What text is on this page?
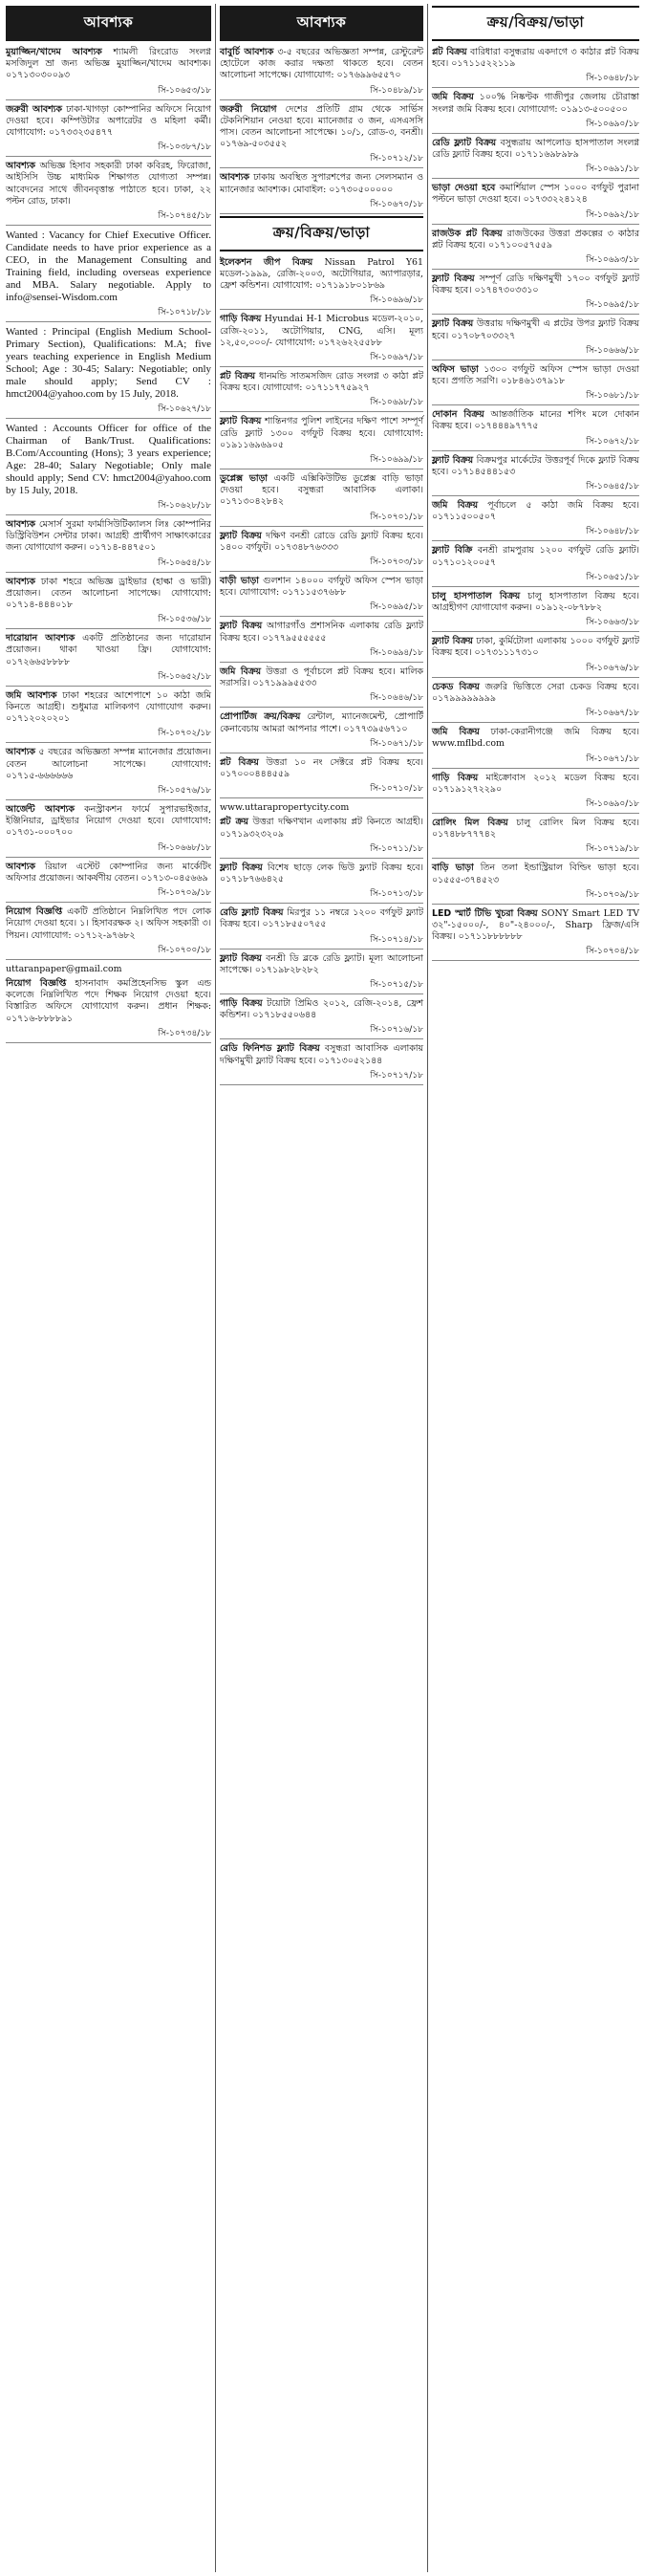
আবশ্যক
মুয়াজ্জিন/খাদেম আবশ্যক শ্যামলী রিংরোড সংলগ্ন মসজিদুল ভ্রা জন্য অভিজ্ঞ মুয়াজ্জিন/খাদেম আবশ্যক। ০১৭১৩০৩০০৯৩
সি-১০৬৫৩/১৮
জরুরী আবশ্যক ঢাকা-খাগড়া কোম্পানির অফিসে নিয়োগ দেওয়া হবে। কম্পিউটার অপারেটর ও মহিলা কর্মী। যোগাযোগ: ০১৭৩৩২৩৫৪৭৭
সি-১০৩৮৭/১৮
আবশ্যক অভিজ্ঞ হিসাব সহকারী ঢাকা কবিরহ, ফিরোজা, আইসিসি উচ্চ মাধ্যমিক শিক্ষাগত যোগ্যতা সম্পন্ন। আবেদনের সাথে জীবনবৃত্তান্ত পাঠাতে হবে। ঢাকা, ২২ পল্টন রোড, ঢাকা।
সি-১০৭৪৫/১৮
Wanted : Vacancy for Chief Executive Officer. Candidate needs to have prior experience as a CEO, in the Management Consulting and Training field, including overseas experience and MBA. Salary negotiable. Apply to info@sensei-Wisdom.com
সি-১০৭১৮/১৮
Wanted : Principal (English Medium School-Primary Section), Qualifications: M.A; five years teaching experience in English Medium School; Age : 30-45; Salary: Negotiable; only male should apply; Send CV : hmct2004@yahoo.com by 15 July, 2018.
সি-১০৬২৭/১৮
Wanted : Accounts Officer for office of the Chairman of Bank/Trust. Qualifications: B.Com/Accounting (Hons); 3 years experience; Age: 28-40; Salary Negotiable; Only male should apply; Send CV: hmct2004@yahoo.com by 15 July, 2018.
সি-১০৬২৮/১৮
আবশ্যক মেসার্স সুরমা ফার্মাসিউটিক্যালস লিঃ কোম্পানির ডিস্ট্রিবিউশন সেন্টার ঢাকা। আগ্রহী প্রার্থীগণ সাক্ষাৎকারের জন্য যোগাযোগ করুন। ০১৭১৪-৪৪৭৫০১
সি-১০৬৫৪/১৮
আবশ্যক ঢাকা শহরে অভিজ্ঞ ড্রাইভার (হাল্কা ও ভারী) প্রয়োজন। বেতন আলোচনা সাপেক্ষে। যোগাযোগ: ০১৭১৪-৪৪৪০১৮
সি-১০৫৩৬/১৮
দারোয়ান আবশ্যক একটি প্রতিষ্ঠানের জন্য দারোয়ান প্রয়োজন। থাকা খাওয়া ফ্রি। যোগাযোগ: ০১৭২৬৬৫৮৮৮৮
সি-১০৬৫২/১৮
জমি আবশ্যক ঢাকা শহরের আশেপাশে ১০ কাঠা জমি কিনতে আগ্রহী। শুধুমাত্র মালিকগণ যোগাযোগ করুন। ০১৭১২০২০২০১
সি-১০৭০২/১৮
আবশ্যক ৫ বছরের অভিজ্ঞতা সম্পন্ন ম্যানেজার প্রয়োজন। বেতন আলোচনা সাপেক্ষে। যোগাযোগ: ০১৭১৫-৬৬৬৬৬৬
সি-১০৫৭৬/১৮
আর্জেন্ট আবশ্যক কনস্ট্রাকশন ফার্মে সুপারভাইজার, ইঞ্জিনিয়ার, ড্রাইভার নিয়োগ দেওয়া হবে। যোগাযোগ: ০১৭৩১-০০০৭০০
সি-১০৬৬৮/১৮
আবশ্যক রিয়াল এস্টেট কোম্পানির জন্য মার্কেটিং অফিসার প্রয়োজন। আকর্ষণীয় বেতন। ০১৭১৩-০৪৫৬৬৯
সি-১০৭০৯/১৮
নিয়োগ বিজ্ঞপ্তি একটি প্রতিষ্ঠানে নিম্নলিখিত পদে লোক নিয়োগ দেওয়া হবে। ১। হিসাবরক্ষক ২। অফিস সহকারী ৩। পিয়ন। যোগাযোগ: ০১৭১২-৯৭৬৮২
সি-১০৭০০/১৮
uttaranpaper@gmail.com
নিয়োগ বিজ্ঞপ্তি হাসনাবাদ কমপ্রিহেনসিভ স্কুল এন্ড কলেজে নিম্নলিখিত পদে শিক্ষক নিয়োগ দেওয়া হবে। বিস্তারিত অফিসে যোগাযোগ করুন। প্রধান শিক্ষক: ০১৭১৬-৮৮৮৮৯১
সি-১০৭৩৪/১৮
আবশ্যক
বাবুর্চি আবশ্যক ৩-৫ বছরের অভিজ্ঞতা সম্পন্ন, রেস্টুরেন্ট হোটেলে কাজ করার দক্ষতা থাকতে হবে। বেতন আলোচনা সাপেক্ষে। যোগাযোগ: ০১৭৬৯৯৬৫৫৭০
সি-১০৪৮৯/১৮
জরুরী নিয়োগ দেশের প্রতিটি গ্রাম থেকে সার্ভিস টেকনিশিয়ান নেওয়া হবে। ম্যানেজার ৩ জন, এসএসসি পাস। বেতন আলোচনা সাপেক্ষে। ১০/১, রোড-৩, বনশ্রী। ০১৭৬৯-৫০৩৫৫২
সি-১০৭১২/১৮
আবশ্যক ঢাকায় অবস্থিত সুপারশপের জন্য সেলসম্যান ও ম্যানেজার আবশ্যক। মোবাইল: ০১৭৩০৫০০০০০
সি-১০৬৭০/১৮
ক্রয়/বিক্রয়/ভাড়া
ইলেকশন জীপ বিক্রয় Nissan Patrol Y61 মডেল-১৯৯৯, রেজি-২০০৩, অটোগিয়ার, অ্যাপারড়ার, ফ্রেশ কন্ডিশন। যোগাযোগ: ০১৭১৯১৮০১৮৬৯
সি-১০৬৯৬/১৮
গাড়ি বিক্রয় Hyundai H-1 Microbus মডেল-২০১০, রেজি-২০১১, অটোগিয়ার, CNG, এসি। মূল্য ১২,৫০,০০০/- যোগাযোগ: ০১৭২৬২২৫৫৮৮
সি-১০৬৯৭/১৮
প্লট বিক্রয় ধানমন্ডি সাতমসজিদ রোড সংলগ্ন ৩ কাঠা প্লট বিক্রয় হবে। যোগাযোগ: ০১৭১১৭৭৫৯২৭
সি-১০৬৯৮/১৮
ফ্ল্যাট বিক্রয় শান্তিনগর পুলিশ লাইনের দক্ষিণ পাশে সম্পূর্ণ রেডি ফ্ল্যাট ১৩০০ বর্গফুট বিক্রয় হবে। যোগাযোগ: ০১৯১১৬৯৬৯০৫
সি-১০৬৯৯/১৮
ডুপ্লেক্স ভাড়া একটি এক্সিকিউটিভ ডুপ্লেক্স বাড়ি ভাড়া দেওয়া হবে। বসুন্ধরা আবাসিক এলাকা। ০১৭১৩০৪২৮৪২
সি-১০৭০১/১৮
ফ্ল্যাট বিক্রয় দক্ষিণ বনশ্রী রোডে রেডি ফ্ল্যাট বিক্রয় হবে। ১৪০০ বর্গফুট। ০১৭৩৪৮৭৬৩৩৩
সি-১০৭০৩/১৮
বাড়ী ভাড়া গুলশান ১৪০০০ বর্গফুট অফিস স্পেস ভাড়া হবে। যোগাযোগ: ০১৭১১৫৩৭৬৮৮
সি-১০৬৯৫/১৮
ফ্ল্যাট বিক্রয় আগারগাঁও প্রশাসনিক এলাকায় রেডি ফ্ল্যাট বিক্রয় হবে। ০১৭৭৯৫৫৫৫৫৫
সি-১০৬৯৪/১৮
জমি বিক্রয় উত্তরা ও পূর্বাচলে প্লট বিক্রয় হবে। মালিক সরাসরি। ০১৭১৯৯৯৫৫৩৩
সি-১০৬৪৬/১৮
প্রোপার্টিজ ক্রয়/বিক্রয় রেন্টাল, ম্যানেজমেন্ট, প্রোপার্টি কেনাবেচায় আমরা আপনার পাশে। ০১৭৭৩৯৫৬৭১০
সি-১০৬৭১/১৮
প্লট বিক্রয় উত্তরা ১০ নং সেক্টরে প্লট বিক্রয় হবে। ০১৭০০০৪৪৪৫৫৯
সি-১০৭১০/১৮
www.uttarapropertycity.com
প্লট ক্রয় উত্তরা দক্ষিণখান এলাকায় প্লট কিনতে আগ্রহী। ০১৭১৯৩২৩২০৯
সি-১০৭১১/১৮
ফ্ল্যাট বিক্রয় বিশেষ ছাড়ে লেক ভিউ ফ্ল্যাট বিক্রয় হবে। ০১৭১৮৭৬৬৪২৫
সি-১০৭১৩/১৮
রেডি ফ্ল্যাট বিক্রয় মিরপুর ১১ নম্বরে ১২০০ বর্গফুট ফ্ল্যাট বিক্রয় হবে। ০১৭১৮৫৫০৭৫৫
সি-১০৭১৪/১৮
ফ্ল্যাট বিক্রয় বনশ্রী ডি ব্লকে রেডি ফ্ল্যাট। মূল্য আলোচনা সাপেক্ষে। ০১৭১৯৮২৮২৮২
সি-১০৭১৫/১৮
গাড়ি বিক্রয় টয়োটা প্রিমিও ২০১২, রেজি-২০১৪, ফ্রেশ কন্ডিশন। ০১৭১৮৫৫০৬৪৪
সি-১০৭১৬/১৮
রেডি ফিনিশড ফ্ল্যাট বিক্রয় বসুন্ধরা আবাসিক এলাকায় দক্ষিণমুখী ফ্ল্যাট বিক্রয় হবে। ০১৭১৩০৫২১৪৪
সি-১০৭১৭/১৮
ক্রয়/বিক্রয়/ভাড়া
প্লট বিক্রয় বারিধারা বসুন্ধরায় একদাগে ৩ কাঠার প্লট বিক্রয় হবে। ০১৭১১৫২২১১৯
সি-১০৬৪৮/১৮
জমি বিক্রয় ১০০% নিষ্কণ্টক গাজীপুর জেলায় চৌরাস্তা সংলগ্ন জমি বিক্রয় হবে। যোগাযোগ: ০১৯১৩-৫০০৫০০
সি-১০৬৯০/১৮
রেডি ফ্ল্যাট বিক্রয় বসুন্ধরায় আপলোড হাসপাতাল সংলগ্ন রেডি ফ্ল্যাট বিক্রয় হবে। ০১৭১১৬৯৮৯৮৯
সি-১০৬৯১/১৮
ভাড়া দেওয়া হবে কমার্শিয়াল স্পেস ১০০০ বর্গফুট পুরানা পল্টনে ভাড়া দেওয়া হবে। ০১৭৩৩২২৪১২৪
সি-১০৬৯২/১৮
রাজউক প্লট বিক্রয় রাজউকের উত্তরা প্রকল্পের ৩ কাঠার প্লট বিক্রয় হবে। ০১৭১০০৫৭৫৫৯
সি-১০৬৯৩/১৮
ফ্ল্যাট বিক্রয় সম্পূর্ণ রেডি দক্ষিণমুখী ১৭০০ বর্গফুট ফ্ল্যাট বিক্রয় হবে। ০১৭৪৭৩০৩৩১০
সি-১০৬৯৫/১৮
ফ্ল্যাট বিক্রয় উত্তরায় দক্ষিণমুখী এ প্লটের উপর ফ্ল্যাট বিক্রয় হবে। ০১৭০৮৭০৩৩২৭
সি-১০৬৬৬/১৮
অফিস ভাড়া ১৩০০ বর্গফুট অফিস স্পেস ভাড়া দেওয়া হবে। প্রগতি সরণি। ০১৮৪৬১৩৭৯১৮
সি-১০৬৮১/১৮
দোকান বিক্রয় আন্তর্জাতিক মানের শপিং মলে দোকান বিক্রয় হবে। ০১৭৪৪৪৯৭৭৭৫
সি-১০৬৭২/১৮
ফ্ল্যাট বিক্রয় বিক্রমপুর মার্কেটের উত্তরপূর্ব দিকে ফ্ল্যাট বিক্রয় হবে। ০১৭১৪৫৪৪১৫৩
সি-১০৬৪৫/১৮
জমি বিক্রয় পূর্বাচলে ৫ কাঠা জমি বিক্রয় হবে। ০১৭১১৫০০৫০৭
সি-১০৬৪৮/১৮
ফ্ল্যাট বিক্রি বনশ্রী রামপুরায় ১২০০ বর্গফুট রেডি ফ্ল্যাট। ০১৭১০১২০০৫৭
সি-১০৬৫১/১৮
চালু হাসপাতাল বিক্রয় চালু হাসপাতাল বিক্রয় হবে। আগ্রহীগণ যোগাযোগ করুন। ০১৯১২-০৮৭৮৮২
সি-১০৬৬৩/১৮
ফ্ল্যাট বিক্রয় ঢাকা, কুর্মিটোলা এলাকায় ১০০০ বর্গফুট ফ্ল্যাট বিক্রয় হবে। ০১৭৩১১১৭৩১০
সি-১০৬৭৬/১৮
চেকড বিক্রয় জরুরি ভিত্তিতে সেরা চেকড বিক্রয় হবে। ০১৭৯৯৯৯৯৯৯৯
সি-১০৬৬৭/১৮
জমি বিক্রয় ঢাকা-কেরানীগঞ্জে জমি বিক্রয় হবে। www.mflbd.com
সি-১০৬৭১/১৮
গাড়ি বিক্রয় মাইক্রোবাস ২০১২ মডেল বিক্রয় হবে। ০১৭১৯১২৭২২৯০
সি-১০৬৯০/১৮
রোলিং মিল বিক্রয় চালু রোলিং মিল বিক্রয় হবে। ০১৭৪৮৮৭৭৭৪২
সি-১০৭১৯/১৮
বাড়ি ভাড়া তিন তলা ইন্ডাস্ট্রিয়াল বিল্ডিং ভাড়া হবে। ০১৫৫৫-৩৭৪৫২৩
সি-১০৭০৯/১৮
LED স্মার্ট টিভি খুচরা বিক্রয় SONY Smart LED TV ৩২"-১৫০০০/-, ৪০"-২৪০০০/-, Sharp ফ্রিজ/এসি বিক্রয়। ০১৭১১৮৮৮৮৮৮
সি-১০৭০৪/১৮
